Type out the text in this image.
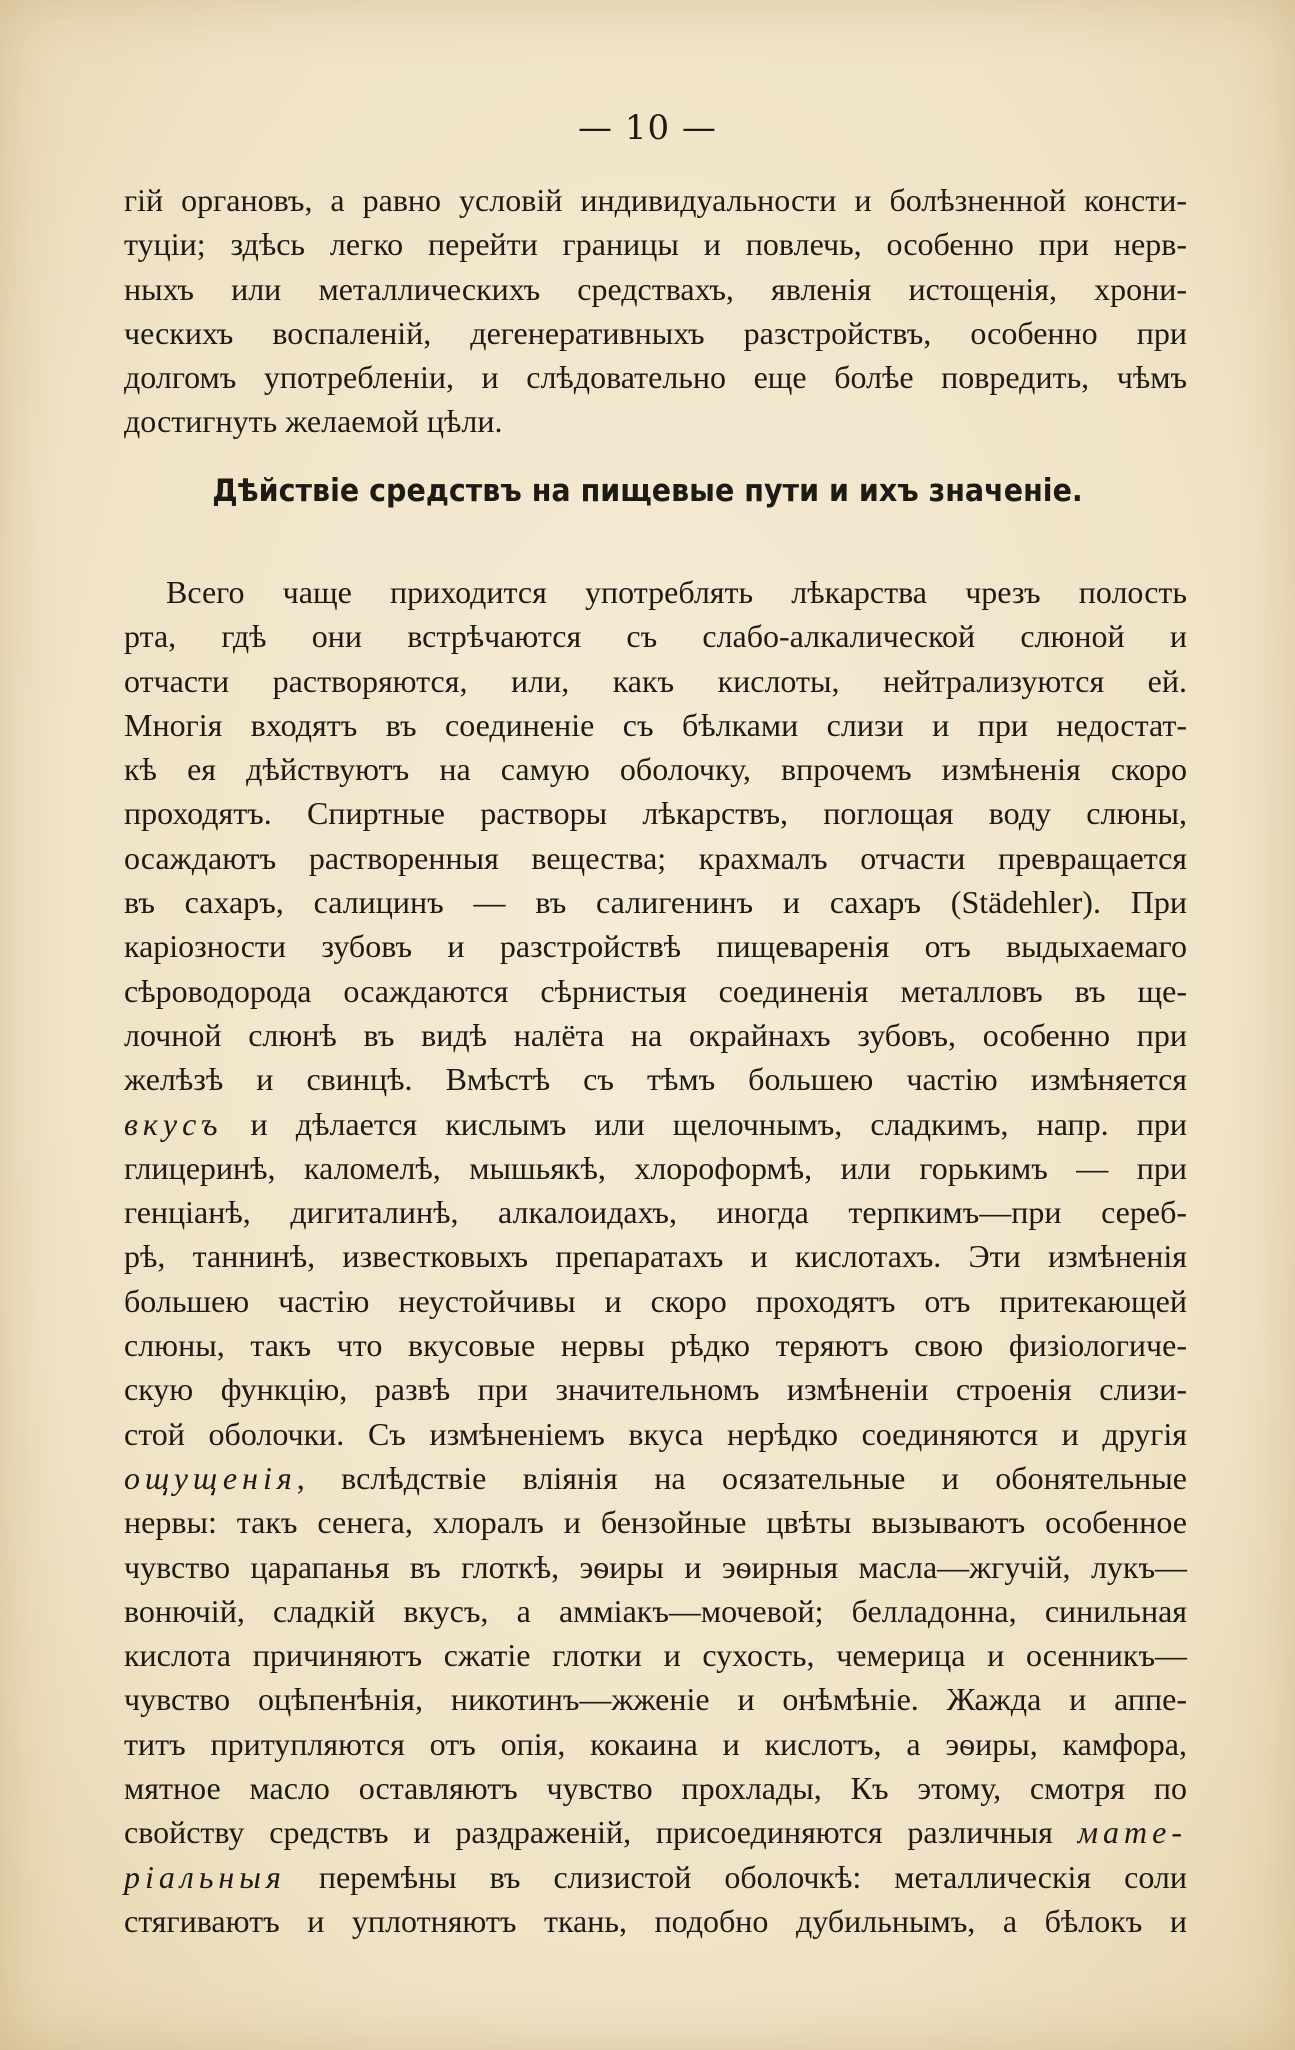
— 10 —
гій органовъ, а равно условій индивидуальности и болѣзненной консти-
туціи; здѣсь легко перейти границы и повлечь, особенно при нерв-
ныхъ или металлическихъ средствахъ, явленія истощенія, хрони-
ческихъ воспаленій, дегенеративныхъ разстройствъ, особенно при
долгомъ употребленіи, и слѣдовательно еще болѣе повредить, чѣмъ
достигнуть желаемой цѣли.
Дѣйствіе средствъ на пищевые пути и ихъ значеніе.
Всего чаще приходится употреблять лѣкарства чрезъ полость
рта, гдѣ они встрѣчаются съ слабо-алкалической слюной и
отчасти растворяются, или, какъ кислоты, нейтрализуются ей.
Многія входятъ въ соединеніе съ бѣлками слизи и при недостат-
кѣ ея дѣйствуютъ на самую оболочку, впрочемъ измѣненія скоро
проходятъ. Спиртные растворы лѣкарствъ, поглощая воду слюны,
осаждаютъ растворенныя вещества; крахмалъ отчасти превращается
въ сахаръ, салицинъ — въ салигенинъ и сахаръ (Städehler). При
каріозности зубовъ и разстройствѣ пищеваренія отъ выдыхаемаго
сѣроводорода осаждаются сѣрнистыя соединенія металловъ въ ще-
лочной слюнѣ въ видѣ налёта на окрайнахъ зубовъ, особенно при
желѣзѣ и свинцѣ. Вмѣстѣ съ тѣмъ большею частію измѣняется
вкусъ и дѣлается кислымъ или щелочнымъ, сладкимъ, напр. при
глицеринѣ, каломелѣ, мышьякѣ, хлороформѣ, или горькимъ — при
генціанѣ, дигиталинѣ, алкалоидахъ, иногда терпкимъ—при сереб-
рѣ, таннинѣ, известковыхъ препаратахъ и кислотахъ. Эти измѣненія
большею частію неустойчивы и скоро проходятъ отъ притекающей
слюны, такъ что вкусовые нервы рѣдко теряютъ свою физіологиче-
скую функцію, развѣ при значительномъ измѣненіи строенія слизи-
стой оболочки. Съ измѣненіемъ вкуса нерѣдко соединяются и другія
ощущенія, вслѣдствіе вліянія на осязательные и обонятельные
нервы: такъ сенега, хлоралъ и бензойные цвѣты вызываютъ особенное
чувство царапанья въ глоткѣ, эѳиры и эѳирныя масла—жгучій, лукъ—
вонючій, сладкій вкусъ, а амміакъ—мочевой; белладонна, синильная
кислота причиняютъ сжатіе глотки и сухость, чемерица и осенникъ—
чувство оцѣпенѣнія, никотинъ—жженіе и онѣмѣніе. Жажда и аппе-
титъ притупляются отъ опія, кокаина и кислотъ, а эѳиры, камфора,
мятное масло оставляютъ чувство прохлады, Къ этому, смотря по
свойству средствъ и раздраженій, присоединяются различныя мате-
ріальныя перемѣны въ слизистой оболочкѣ: металлическія соли
стягиваютъ и уплотняютъ ткань, подобно дубильнымъ, а бѣлокъ и
